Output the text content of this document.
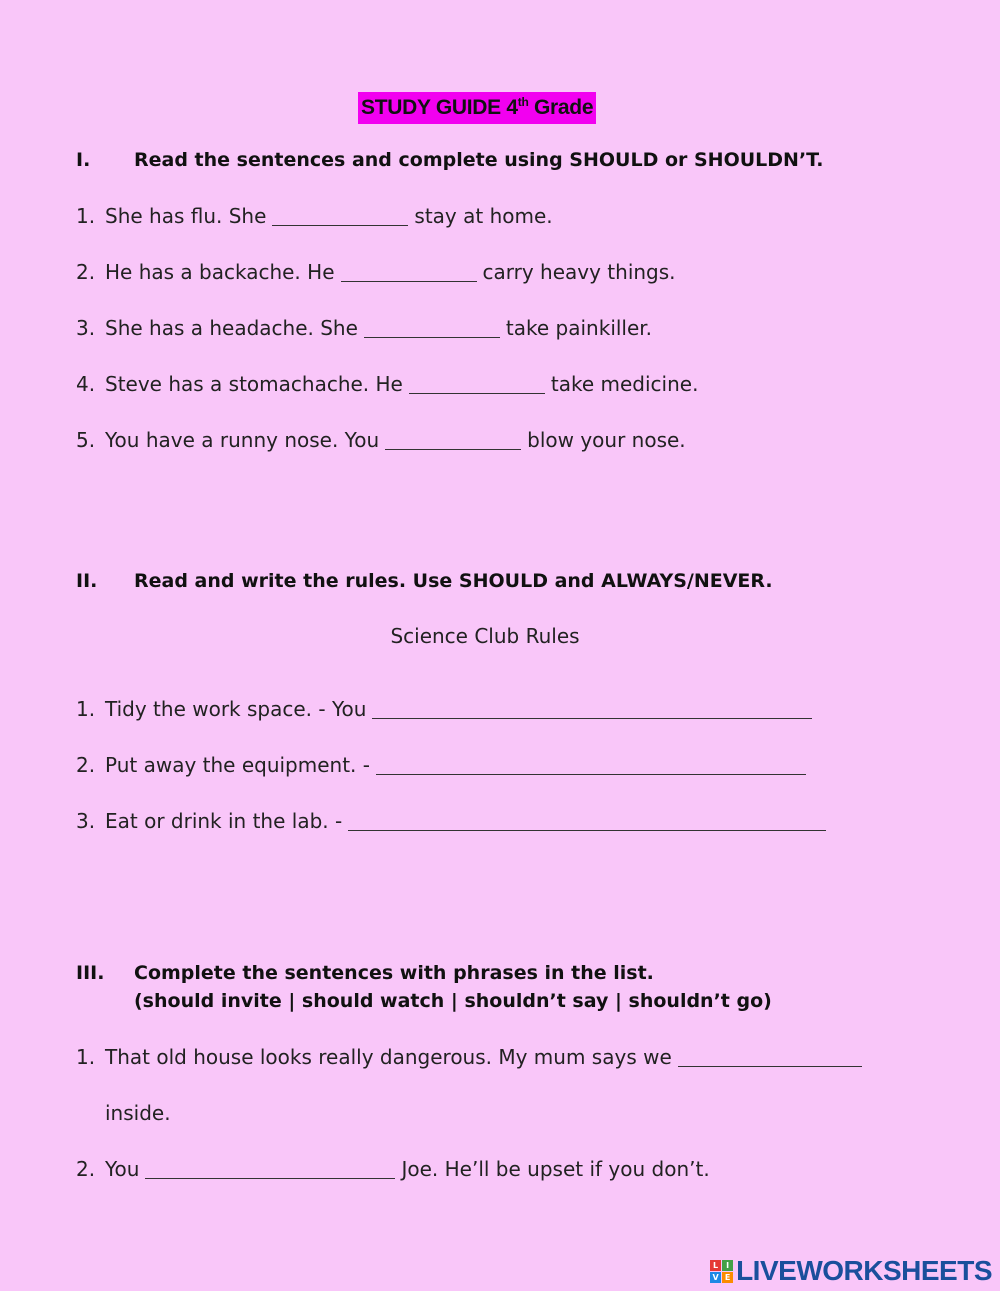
STUDY GUIDE 4th Grade
I. Read the sentences and complete using SHOULD or SHOULDN’T.
1. She has flu. She	stay at home.
2. He has a backache. He	carry heavy things.
3. She has a headache. She	take painkiller.
4. Steve has a stomachache. He	take medicine.
5. You have a runny nose. You	blow your nose.
II. Read and write the rules. Use SHOULD and ALWAYS/NEVER.
Science Club Rules
1. Tidy the work space. - You
2. Put away the equipment. -
3. Eat or drink in the lab. -
III. Complete the sentences with phrases in the list.
(should invite | should watch | shouldn’t say | shouldn’t go)
1. That old house looks really dangerous. My mum says we
inside.
2. You	Joe. He’ll be upset if you don’t.
L I
V E LIVEWORKSHEETS
